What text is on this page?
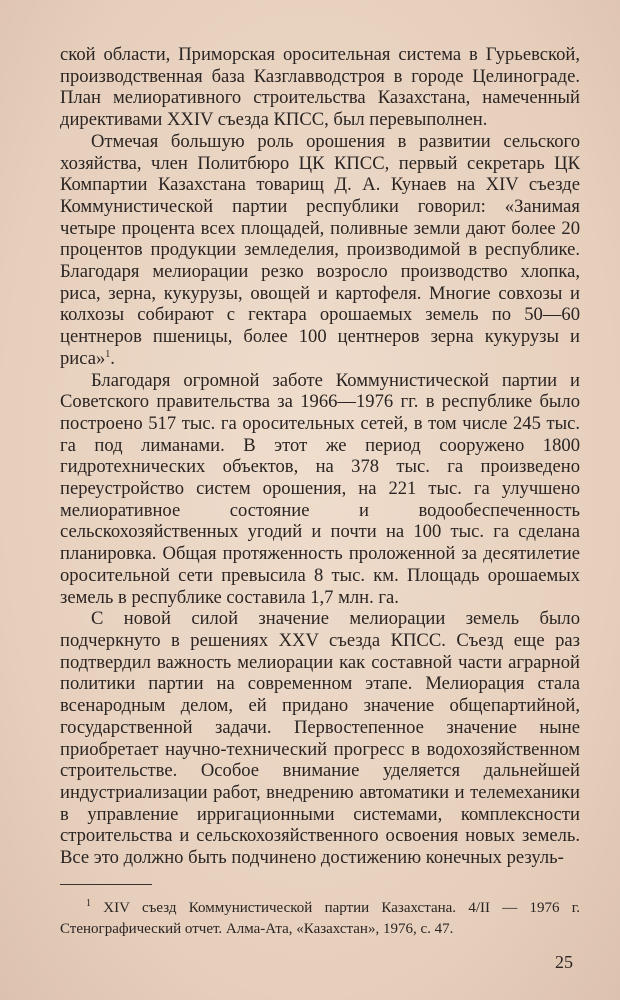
ской области, Приморская оросительная система в Гурьевской, производственная база Казглавводстроя в городе Целинограде. План мелиоративного строительства Казахстана, намеченный директивами XXIV съезда КПСС, был перевыполнен.

Отмечая большую роль орошения в развитии сельского хозяйства, член Политбюро ЦК КПСС, первый секретарь ЦК Компартии Казахстана товарищ Д. А. Кунаев на XIV съезде Коммунистической партии республики говорил: «Занимая четыре процента всех площадей, поливные земли дают более 20 процентов продукции земледелия, производимой в республике. Благодаря мелиорации резко возросло производство хлопка, риса, зерна, кукурузы, овощей и картофеля. Многие совхозы и колхозы собирают с гектара орошаемых земель по 50—60 центнеров пшеницы, более 100 центнеров зерна кукурузы и риса»$^1$.

Благодаря огромной заботе Коммунистической партии и Советского правительства за 1966—1976 гг. в республике было построено 517 тыс. га оросительных сетей, в том числе 245 тыс. га под лиманами. В этот же период сооружено 1800 гидротехнических объектов, на 378 тыс. га произведено переустройство систем орошения, на 221 тыс. га улучшено мелиоративное состояние и водообеспеченность сельскохозяйственных угодий и почти на 100 тыс. га сделана планировка. Общая протяженность проложенной за десятилетие оросительной сети превысила 8 тыс. км. Площадь орошаемых земель в республике составила 1,7 млн. га.

С новой силой значение мелиорации земель было подчеркнуто в решениях XXV съезда КПСС. Съезд еще раз подтвердил важность мелиорации как составной части аграрной политики партии на современном этапе. Мелиорация стала всенародным делом, ей придано значение общепартийной, государственной задачи. Первостепенное значение ныне приобретает научно-технический прогресс в водохозяйственном строительстве. Особое внимание уделяется дальнейшей индустриализации работ, внедрению автоматики и телемеханики в управление ирригационными системами, комплексности строительства и сельскохозяйственного освоения новых земель. Все это должно быть подчинено достижению конечных резуль-

$^1$ XIV съезд Коммунистической партии Казахстана. 4/II — 1976 г. Стенографический отчет. Алма-Ата, «Казахстан», 1976, с. 47.

25
